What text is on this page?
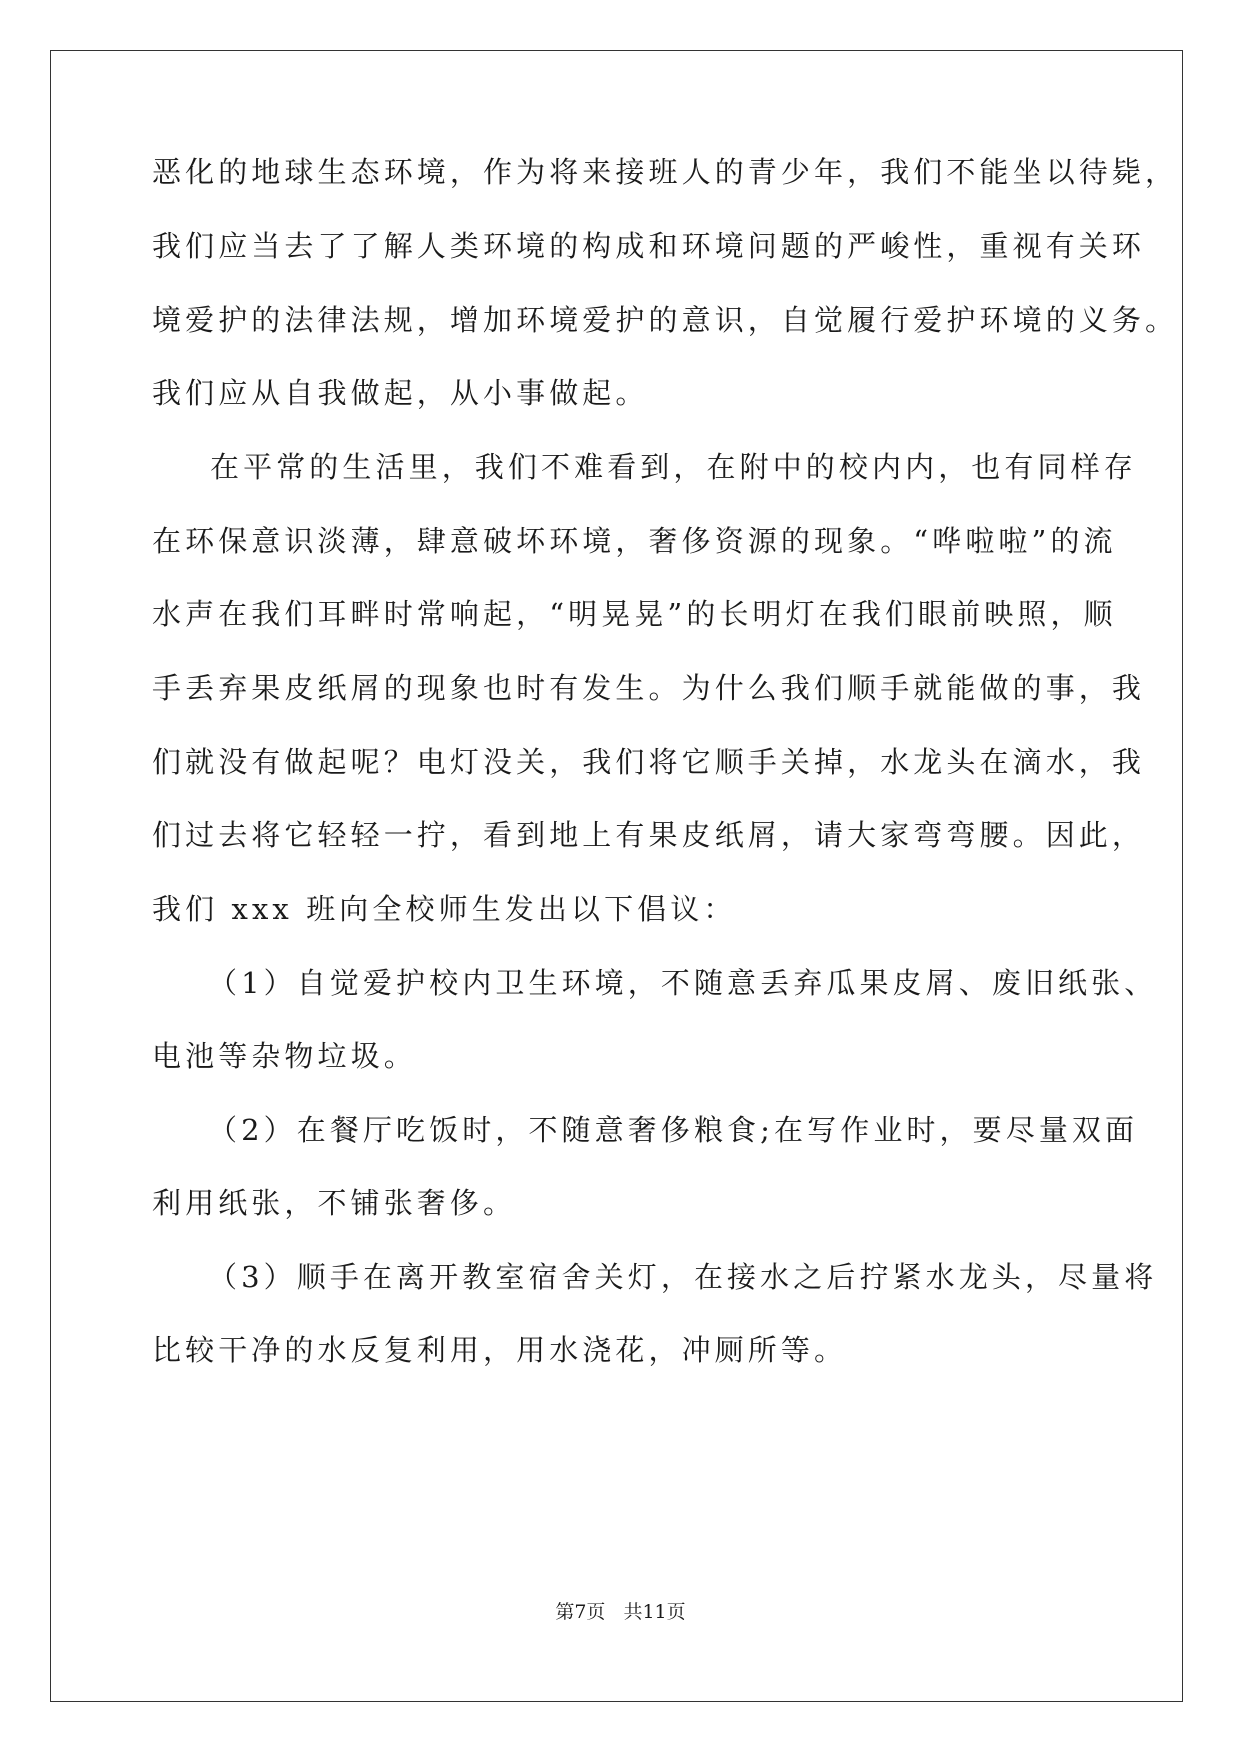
恶化的地球生态环境，作为将来接班人的青少年，我们不能坐以待毙，
我们应当去了了解人类环境的构成和环境问题的严峻性，重视有关环
境爱护的法律法规，增加环境爱护的意识，自觉履行爱护环境的义务。
我们应从自我做起，从小事做起。
在平常的生活里，我们不难看到，在附中的校内内，也有同样存
在环保意识淡薄，肆意破坏环境，奢侈资源的现象。“哗啦啦”的流
水声在我们耳畔时常响起，“明晃晃”的长明灯在我们眼前映照，顺
手丢弃果皮纸屑的现象也时有发生。为什么我们顺手就能做的事，我
们就没有做起呢？电灯没关，我们将它顺手关掉，水龙头在滴水，我
们过去将它轻轻一拧，看到地上有果皮纸屑，请大家弯弯腰。因此，
我们 xxx 班向全校师生发出以下倡议：
（1）自觉爱护校内卫生环境，不随意丢弃瓜果皮屑、废旧纸张、
电池等杂物垃圾。
（2）在餐厅吃饭时，不随意奢侈粮食;在写作业时，要尽量双面
利用纸张，不铺张奢侈。
（3）顺手在离开教室宿舍关灯，在接水之后拧紧水龙头，尽量将
比较干净的水反复利用，用水浇花，冲厕所等。
第7页 共11页
